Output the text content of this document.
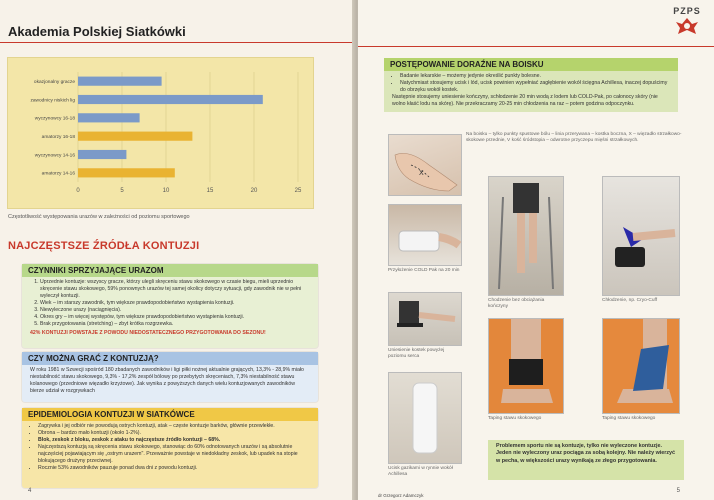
Akademia Polskiej Siatkówki
0	5	10	15	20	25
okazjonalny gracze
zawodnicy niskich lig
wyczynowcy 16-18
amatorzy 16-18
wyczynowcy 14-16
amatorzy 14-16
Częstotliwość występowania urazów w zależności od poziomu sportowego
NAJCZĘSTSZE ŹRÓDŁA KONTUZJI
CZYNNIKI SPRZYJAJĄCE URAZOM
1. Uprzednie kontuzje: wszyscy gracze, którzy ulegli skręceniu stawu skokowego w czasie biegu, mieli uprzednio skręcenie stawu skokowego, 59% ponownych urazów tej samej okolicy dotyczy sytuacji, gdy zawodnik nie w pełni wyleczył kontuzji.
2. Wiek – im starszy zawodnik, tym większe prawdopodobieństwo wystąpienia kontuzji.
3. Niewyleczone urazy (naciągnięcia).
4. Okres gry – im więcej występów, tym większe prawdopodobieństwo wystąpienia kontuzji.
5. Brak przygotowania (stretching) – zbyt krótka rozgrzewka.
42% KONTUZJI POWSTAJE Z POWODU NIEDOSTATECZNEGO PRZYGOTOWANIA DO SEZONU!
CZY MOŻNA GRAĆ Z KONTUZJĄ?
W roku 1981 w Szwecji spośród 180 zbadanych zawodników i ligi piłki nożnej aktualnie grających, 13,3% - 28,9% miało niestabilność stawu skokowego, 9,3% - 17,2% zespół bólowy po przebytych skręceniach, 7,3% niestabilność stawu kolanowego (przedniowe więzadło krzyżowe). Jak wynika z powyższych danych wielu kontuzjowanych zawodników bierze udział w rozgrywkach
EPIDEMIOLOGIA KONTUZJI W SIATKÓWCE
• Zagrywka i jej odbiór nie powodują ostrych kontuzji, atak – częste kontuzje barków, głównie przewlekłe.
• Obrona – bardzo mało kontuzji (około 1-2%).
• Blok, zeskok z bloku, zeskok z ataku to najczęstsze źródło kontuzji – 68%.
• Najczęstszą kontuzją są skręcenia stawu skokowego, stanowiąc do 60% odnotowanych urazów i są absolutnie najczęściej pojawiającym się „ostrym urazem". Przeważnie powstaje w niedokładny zeskok, lub upadek na stopie blokującego drużyny przeciwnej.
• Rocznie 53% zawodników pauzuje ponad dwa dni z powodu kontuzji.
4
PZPS
POSTĘPOWANIE DORAŹNE NA BOISKU
• Badanie lekarskie – możemy jedynie określić punkty bolesne.
• Natychmiast stosujemy ucisk i lód, ucisk powinien wypełniać zagłębienie wokół ścięgna Achillesa, inaczej dopuścimy do obrzęku wokół kostek.
Następnie stosujemy uniesienie kończyny, schłodzenie 20 min wodą z lodem lub COLD-Pak, po całonocy skóry (nie wolno kłaść lodu na skórę). Nie przekraczamy 20-25 min chłodzenia na raz – potem godzina odpoczynku.
X
Na boisku – tylko punkty spustowe bólu – linia przerywana – kostka boczna, X – więzadło strzałkowo-skokowe przednie, V kość śródstopia – odwrotne przyczepu mięśni strzałkowych.
Przyłożenie COLD Pak na 20 min
Uniesienie kostek powyżej poziomu serca
Ucisk gazikami w rynnie wokół Achillesa
Chodzenie bez obciążania kończyny
Chłodzenie, np. Cryo-Cuff
Taping stawu skokowego	Taping stawu skokowego
Problemem sportu nie są kontuzje, tylko nie wyleczone kontuzje. Jeden nie wyleczony uraz pociąga za sobą kolejny. Nie należy wierzyć w pecha, w większości urazy wynikają ze złego przygotowania.
dr Grzegorz Adamczyk
5
